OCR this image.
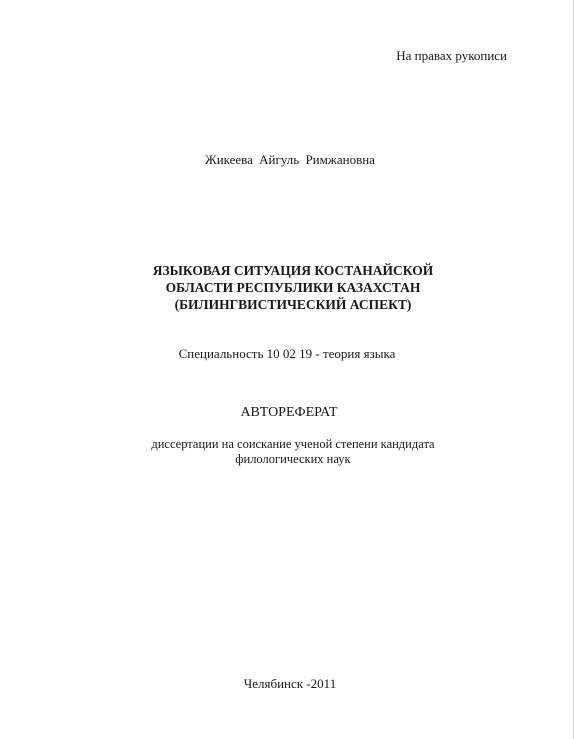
На правах рукописи
Жикеева Айгуль Римжановна
ЯЗЫКОВАЯ СИТУАЦИЯ КОСТАНАЙСКОЙ
ОБЛАСТИ РЕСПУБЛИКИ КАЗАХСТАН
(БИЛИНГВИСТИЧЕСКИЙ АСПЕКТ)
Специальность 10 02 19 - теория языка
АВТОРЕФЕРАТ
диссертации на соискание ученой степени кандидата
филологических наук
Челябинск -2011
